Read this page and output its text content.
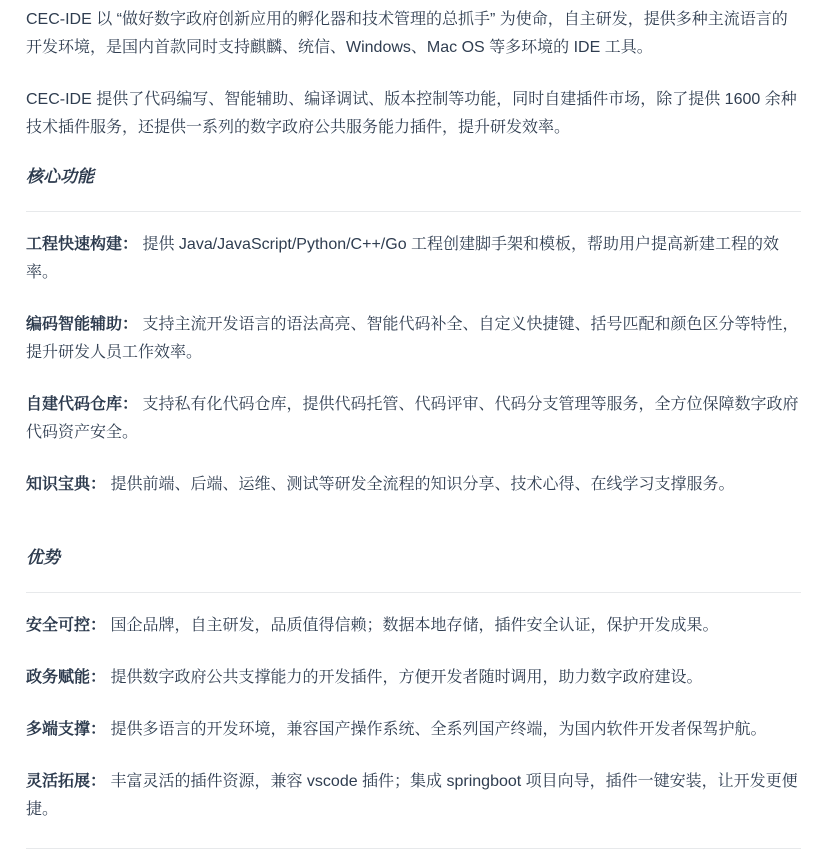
CEC-IDE 以 “做好数字政府创新应用的孵化器和技术管理的总抓手” 为使命，自主研发，提供多种主流语言的开发环境，是国内首款同时支持麒麟、统信、Windows、Mac OS 等多环境的 IDE 工具。

CEC-IDE 提供了代码编写、智能辅助、编译调试、版本控制等功能，同时自建插件市场，除了提供 1600 余种技术插件服务，还提供一系列的数字政府公共服务能力插件，提升研发效率。

核心功能

工程快速构建： 提供 Java/JavaScript/Python/C++/Go 工程创建脚手架和模板，帮助用户提高新建工程的效率。

编码智能辅助： 支持主流开发语言的语法高亮、智能代码补全、自定义快捷键、括号匹配和颜色区分等特性，提升研发人员工作效率。

自建代码仓库： 支持私有化代码仓库，提供代码托管、代码评审、代码分支管理等服务，全方位保障数字政府代码资产安全。

知识宝典： 提供前端、后端、运维、测试等研发全流程的知识分享、技术心得、在线学习支撑服务。

优势

安全可控： 国企品牌，自主研发，品质值得信赖；数据本地存储，插件安全认证，保护开发成果。

政务赋能： 提供数字政府公共支撑能力的开发插件，方便开发者随时调用，助力数字政府建设。

多端支撑： 提供多语言的开发环境，兼容国产操作系统、全系列国产终端，为国内软件开发者保驾护航。

灵活拓展： 丰富灵活的插件资源，兼容 vscode 插件；集成 springboot 项目向导，插件一键安装，让开发更便捷。
